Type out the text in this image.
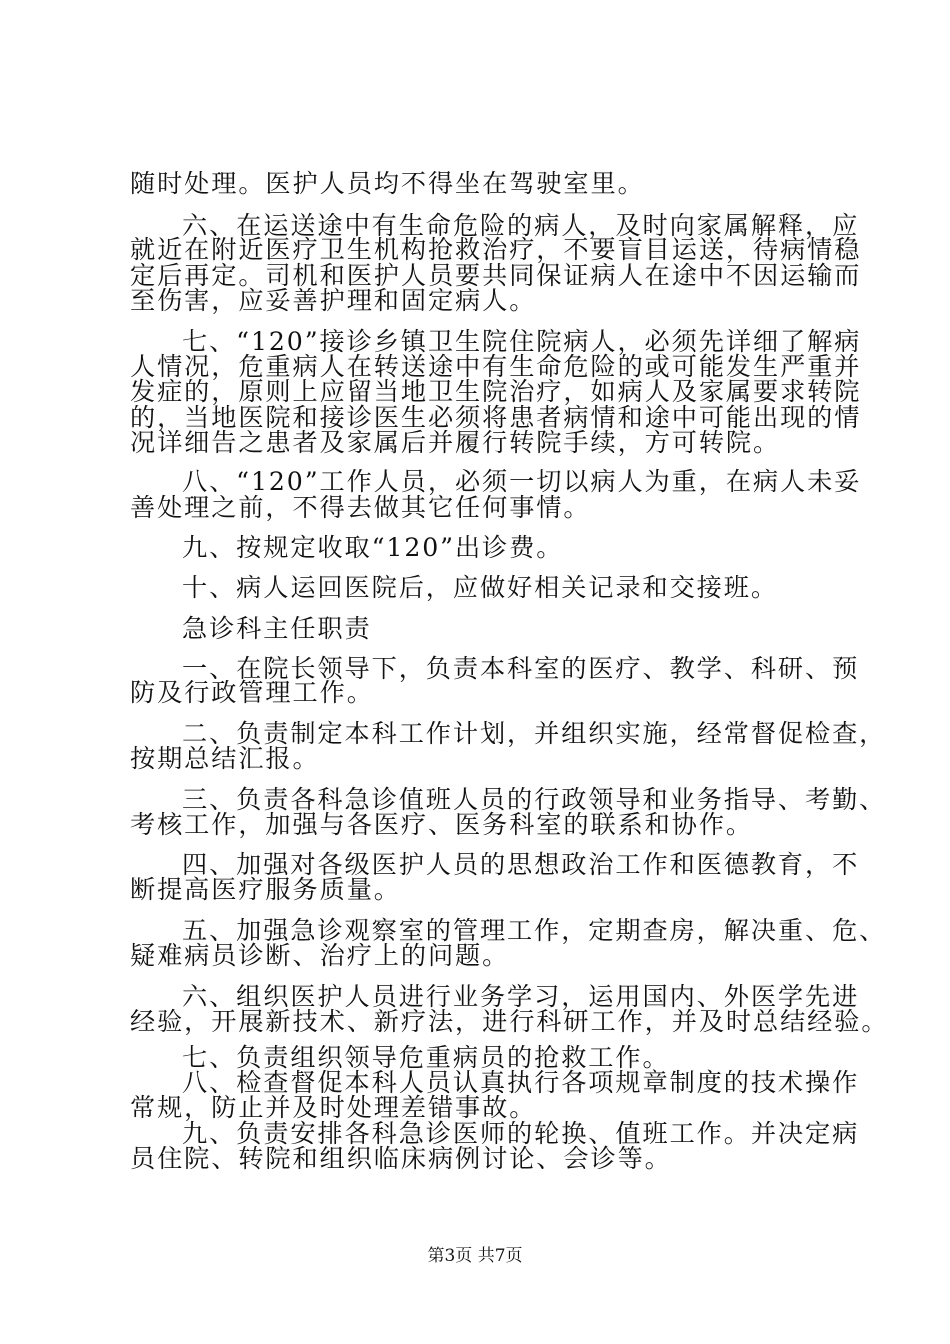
随时处理。医护人员均不得坐在驾驶室里。
六、在运送途中有生命危险的病人，及时向家属解释，应
就近在附近医疗卫生机构抢救治疗，不要盲目运送，待病情稳
定后再定。司机和医护人员要共同保证病人在途中不因运输而
至伤害，应妥善护理和固定病人。
七、“120”接诊乡镇卫生院住院病人，必须先详细了解病
人情况，危重病人在转送途中有生命危险的或可能发生严重并
发症的，原则上应留当地卫生院治疗，如病人及家属要求转院
的，当地医院和接诊医生必须将患者病情和途中可能出现的情
况详细告之患者及家属后并履行转院手续，方可转院。
八、“120”工作人员，必须一切以病人为重，在病人未妥
善处理之前，不得去做其它任何事情。
九、按规定收取“120”出诊费。
十、病人运回医院后，应做好相关记录和交接班。
急诊科主任职责
一、在院长领导下，负责本科室的医疗、教学、科研、预
防及行政管理工作。
二、负责制定本科工作计划，并组织实施，经常督促检查，
按期总结汇报。
三、负责各科急诊值班人员的行政领导和业务指导、考勤、
考核工作，加强与各医疗、医务科室的联系和协作。
四、加强对各级医护人员的思想政治工作和医德教育，不
断提高医疗服务质量。
五、加强急诊观察室的管理工作，定期查房，解决重、危、
疑难病员诊断、治疗上的问题。
六、组织医护人员进行业务学习，运用国内、外医学先进
经验，开展新技术、新疗法，进行科研工作，并及时总结经验。
七、负责组织领导危重病员的抢救工作。
八、检查督促本科人员认真执行各项规章制度的技术操作
常规，防止并及时处理差错事故。
九、负责安排各科急诊医师的轮换、值班工作。并决定病
员住院、转院和组织临床病例讨论、会诊等。
第3页 共7页
